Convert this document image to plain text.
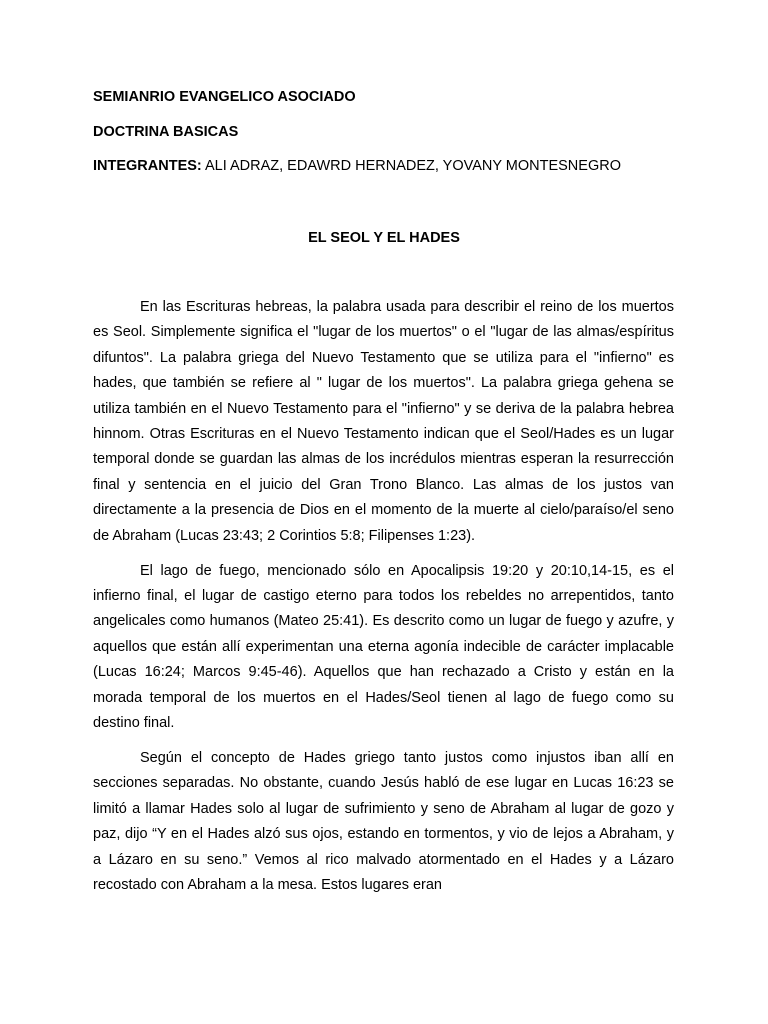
SEMIANRIO EVANGELICO ASOCIADO
DOCTRINA BASICAS
INTEGRANTES: ALI ADRAZ, EDAWRD HERNADEZ, YOVANY MONTESNEGRO
EL SEOL Y EL HADES

En las Escrituras hebreas, la palabra usada para describir el reino de los muertos es Seol. Simplemente significa el "lugar de los muertos" o el "lugar de las almas/espíritus difuntos". La palabra griega del Nuevo Testamento que se utiliza para el "infierno" es hades, que también se refiere al " lugar de los muertos". La palabra griega gehena se utiliza también en el Nuevo Testamento para el "infierno" y se deriva de la palabra hebrea hinnom. Otras Escrituras en el Nuevo Testamento indican que el Seol/Hades es un lugar temporal donde se guardan las almas de los incrédulos mientras esperan la resurrección final y sentencia en el juicio del Gran Trono Blanco. Las almas de los justos van directamente a la presencia de Dios en el momento de la muerte al cielo/paraíso/el seno de Abraham (Lucas 23:43; 2 Corintios 5:8; Filipenses 1:23).

El lago de fuego, mencionado sólo en Apocalipsis 19:20 y 20:10,14-15, es el infierno final, el lugar de castigo eterno para todos los rebeldes no arrepentidos, tanto angelicales como humanos (Mateo 25:41). Es descrito como un lugar de fuego y azufre, y aquellos que están allí experimentan una eterna agonía indecible de carácter implacable (Lucas 16:24; Marcos 9:45-46). Aquellos que han rechazado a Cristo y están en la morada temporal de los muertos en el Hades/Seol tienen al lago de fuego como su destino final.

Según el concepto de Hades griego tanto justos como injustos iban allí en secciones separadas. No obstante, cuando Jesús habló de ese lugar en Lucas 16:23 se limitó a llamar Hades solo al lugar de sufrimiento y seno de Abraham al lugar de gozo y paz, dijo “Y en el Hades alzó sus ojos, estando en tormentos, y vio de lejos a Abraham, y a Lázaro en su seno.” Vemos al rico malvado atormentado en el Hades y a Lázaro recostado con Abraham a la mesa. Estos lugares eran
